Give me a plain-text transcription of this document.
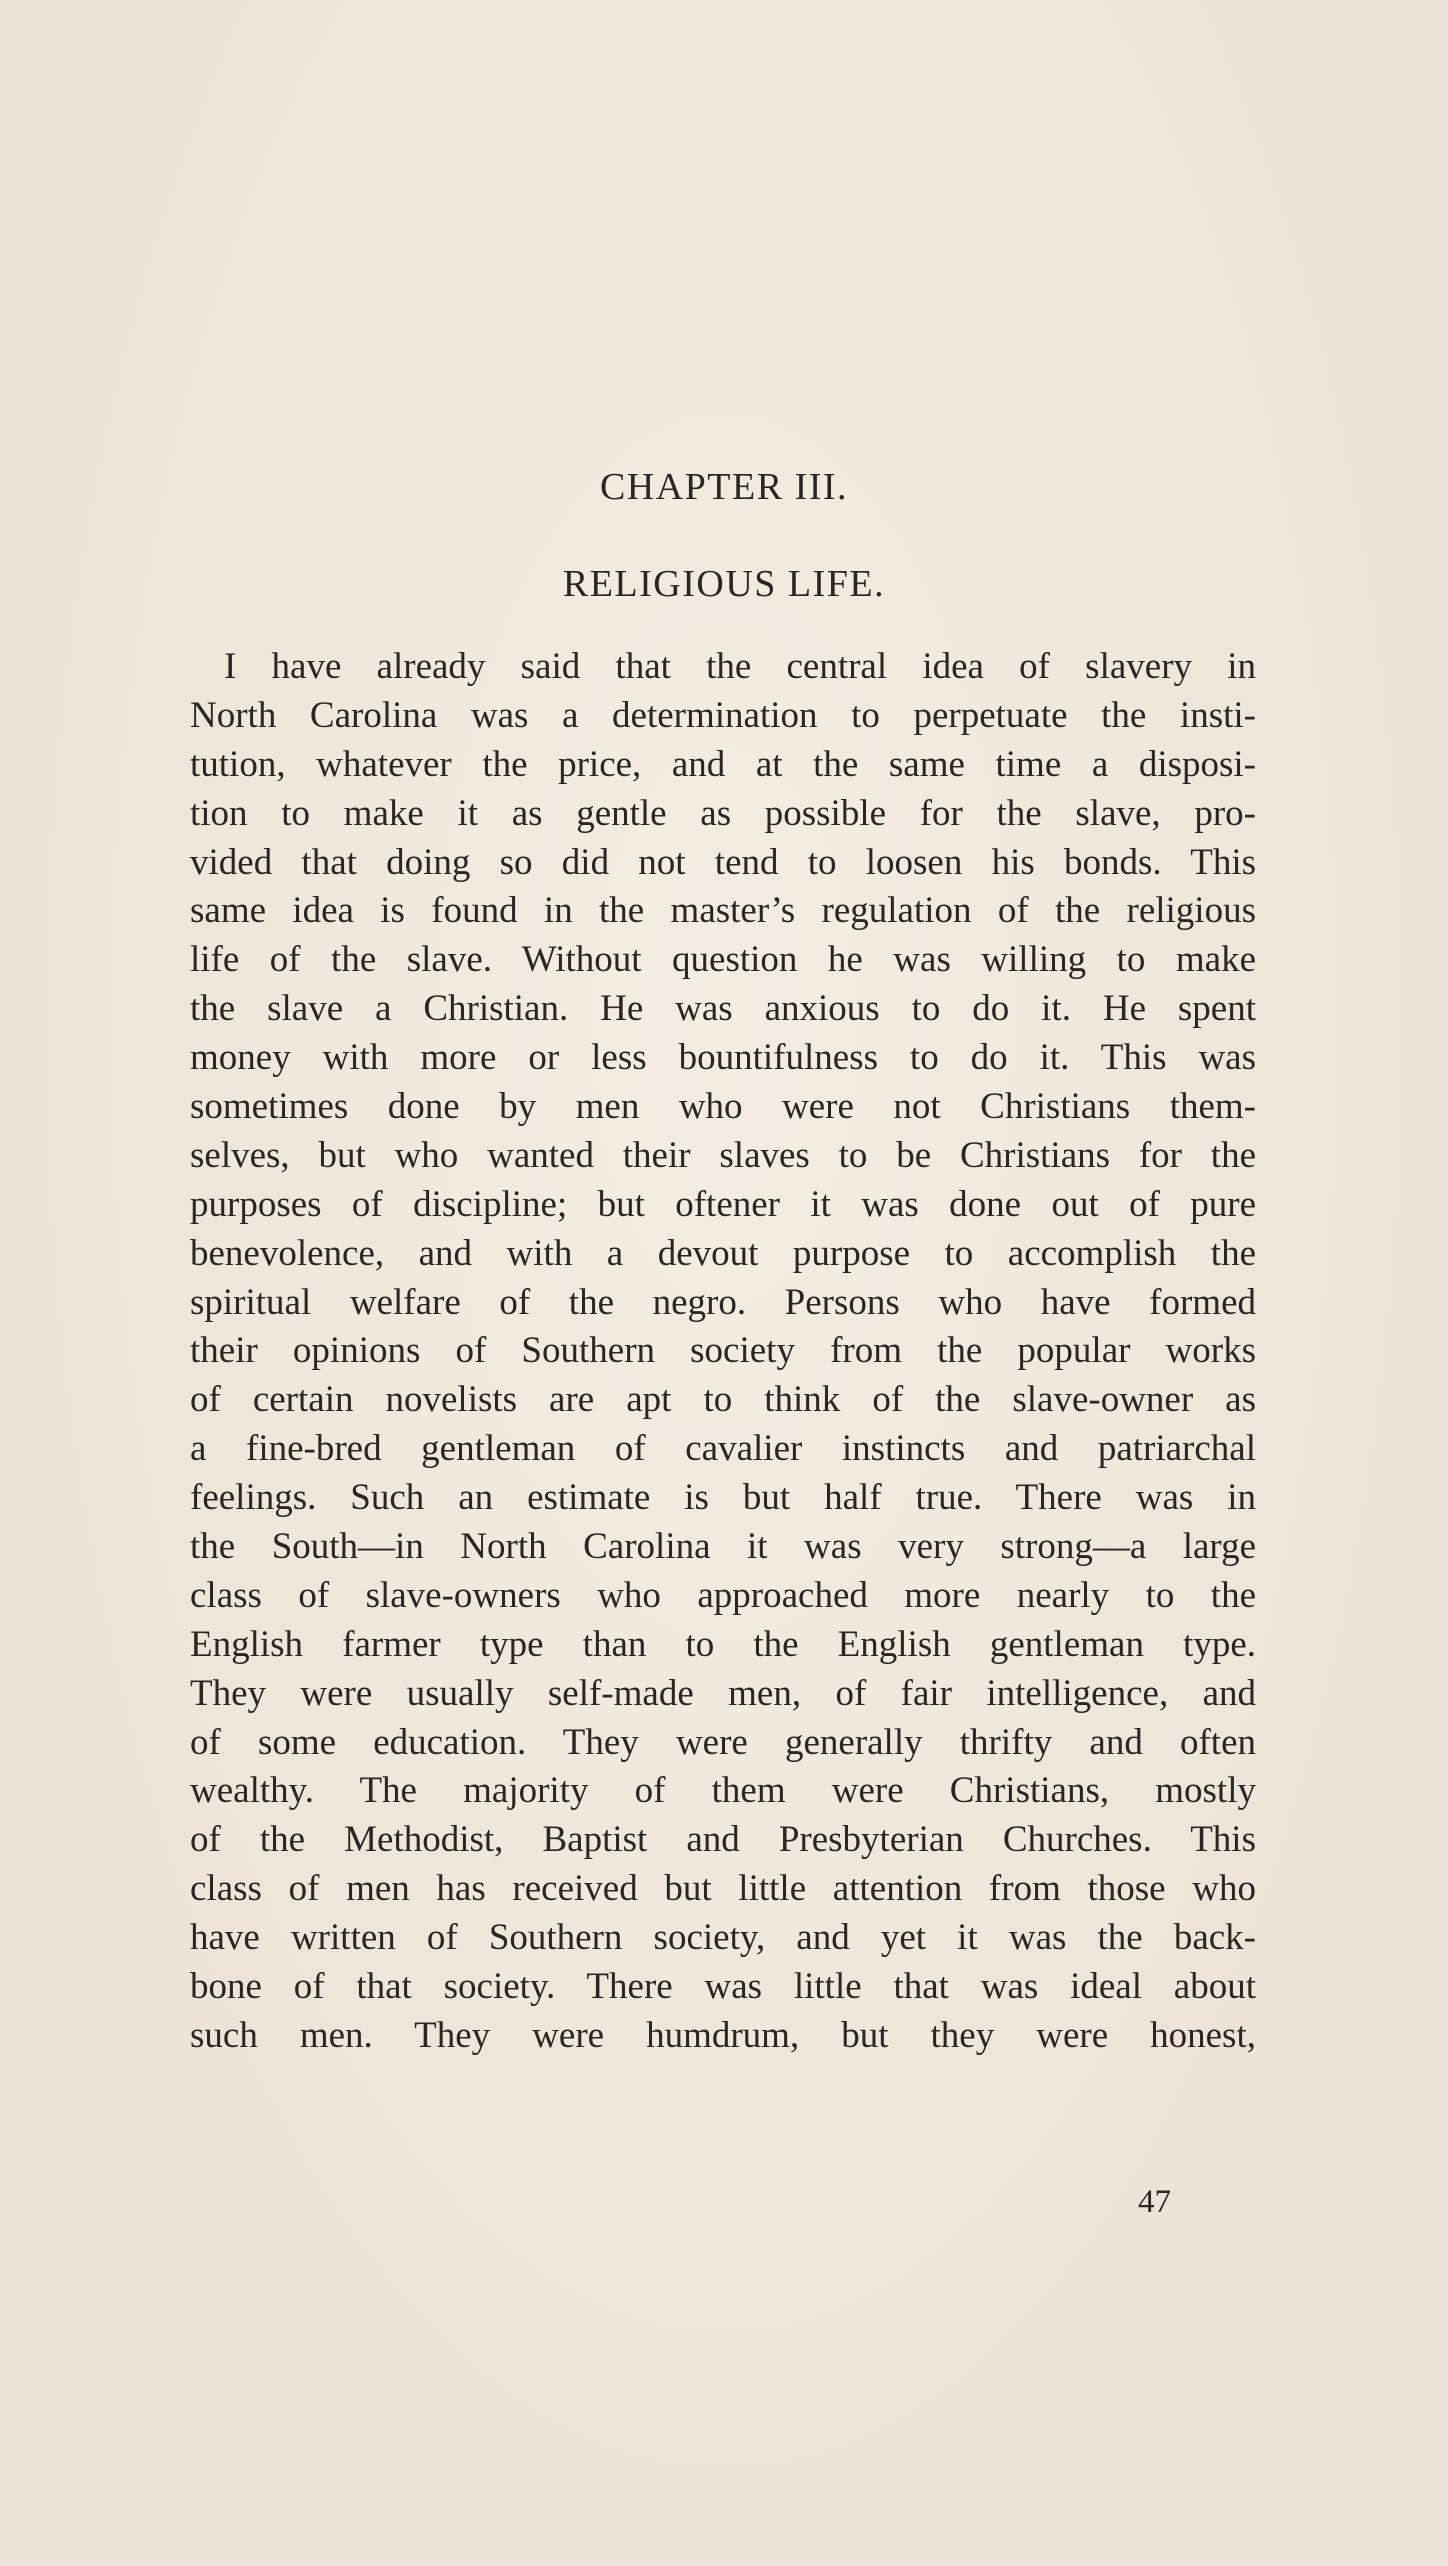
CHAPTER III.
RELIGIOUS LIFE.
I have already said that the central idea of slavery in
North Carolina was a determination to perpetuate the insti-
tution, whatever the price, and at the same time a disposi-
tion to make it as gentle as possible for the slave, pro-
vided that doing so did not tend to loosen his bonds. This
same idea is found in the master’s regulation of the religious
life of the slave. Without question he was willing to make
the slave a Christian. He was anxious to do it. He spent
money with more or less bountifulness to do it. This was
sometimes done by men who were not Christians them-
selves, but who wanted their slaves to be Christians for the
purposes of discipline; but oftener it was done out of pure
benevolence, and with a devout purpose to accomplish the
spiritual welfare of the negro. Persons who have formed
their opinions of Southern society from the popular works
of certain novelists are apt to think of the slave-owner as
a fine-bred gentleman of cavalier instincts and patriarchal
feelings. Such an estimate is but half true. There was in
the South—in North Carolina it was very strong—a large
class of slave-owners who approached more nearly to the
English farmer type than to the English gentleman type.
They were usually self-made men, of fair intelligence, and
of some education. They were generally thrifty and often
wealthy. The majority of them were Christians, mostly
of the Methodist, Baptist and Presbyterian Churches. This
class of men has received but little attention from those who
have written of Southern society, and yet it was the back-
bone of that society. There was little that was ideal about
such men. They were humdrum, but they were honest,
47
